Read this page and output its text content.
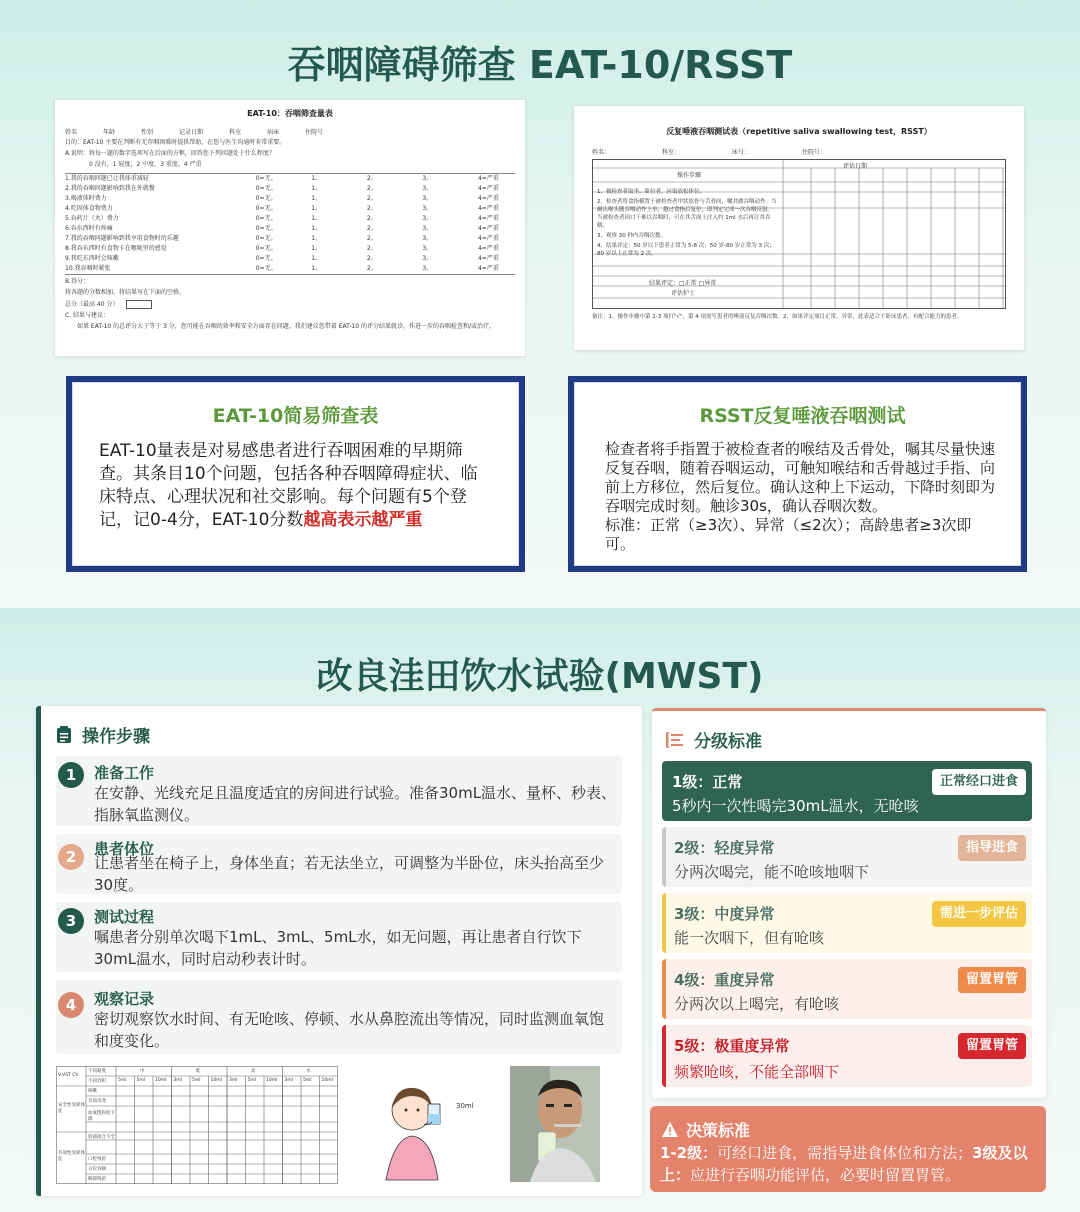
吞咽障碍筛查 EAT-10/RSST
EAT-10：吞咽筛查量表
姓名	年龄	性别	记录日期	科室	病床	住院号
目的：EAT-10 主要在判断有无存咽困难时提供帮助，在您与医生沟通时非常重要。
A.说明：将每一题的数字选项写在后面的方框，回答您下列问题处于什么程度？
0 没有，1 轻度，2 中度，3 重度，4 严重
1.我的吞咽问题已让我体重减轻	0=无。	1。	2。	3。	4=严重
2.我的吞咽问题影响到我在外就餐	0=无。	1。	2。	3。	4=严重
3.喝液体时费力	0=无。	1。	2。	3。	4=严重
4.吃固体食物费力	0=无。	1。	2。	3。	4=严重
5.吞药片（丸）费力	0=无。	1。	2。	3。	4=严重
6.吞东西时有疼痛	0=无。	1。	2。	3。	4=严重
7.我的吞咽问题影响到我享用食物时的乐趣	0=无。	1。	2。	3。	4=严重
8.我吞东西时有食物卡在喉咙里的感觉	0=无。	1。	2。	3。	4=严重
9.我吃东西时会咳嗽	0=无。	1。	2。	3。	4=严重
10.我吞咽时紧张	0=无。	1。	2。	3。	4=严重
B.得分：
将各题的分数相加，将结果写在下面的空格。
总分（最高 40 分）
C. 结果与建议：
如果 EAT-10 的总评分大于等于 3 分，您可能在吞咽的效率和安全方面存在问题。我们建议您带着 EAT-10 的评分结果就诊，作进一步的吞咽检查和/或治疗。
反复唾液吞咽测试表（repetitive saliva swallowing test，RSST）
姓名：	科室：	床号：	住院号：
评估日期
操作步骤
1、被检查者取坐、卧位者，应取放松体位。
2、检查者将食指横置于被检查者甲状软骨与舌骨间，嘱其做吞咽动作。当确认喉头随吞咽动作上举、越过食指后复位，即判定完成一次吞咽反射。当被检查者因口干难以吞咽时，可在其舌面上注入约 1ml 水后再让其吞咽。
3、观察 30 秒内吞咽次数。
4、结果评定：50 岁以下患者正常为 5-8 次；50 岁-80 岁正常为 3 次；80 岁以上正常为 2 次。
结果评定：□正常 □异常
评估护士
备注：1、操作步骤中第 1-3 项打"√"，第 4 项需写患者的唾液反复吞咽次数。2、如果评定项目正常，异常，此表适合于卧床患者，有配合能力的患者。
EAT-10简易筛查表
EAT-10量表是对易感患者进行吞咽困难的早期筛查。其条目10个问题，包括各种吞咽障碍症状、临床特点、心理状况和社交影响。每个问题有5个登记，记0-4分，EAT-10分数越高表示越严重
RSST反复唾液吞咽测试
检查者将手指置于被检查者的喉结及舌骨处，嘱其尽量快速反复吞咽，随着吞咽运动，可触知喉结和舌骨越过手指、向前上方移位，然后复位。确认这种上下运动，下降时刻即为吞咽完成时刻。触诊30s，确认吞咽次数。
标准：正常（≥3次）、异常（≤2次）；高龄患者≥3次即可。
改良洼田饮水试验(MWST)
操作步骤
1	准备工作
在安静、光线充足且温度适宜的房间进行试验。准备30mL温水、量杯、秒表、指脉氧监测仪。
2	患者体位
让患者坐在椅子上，身体坐直；若无法坐立，可调整为半卧位，床头抬高至少30度。
3	测试过程
嘱患者分别单次喝下1mL、3mL、5mL水，如无问题，再让患者自行饮下30mL温水，同时启动秒表计时。
4	观察记录
密切观察饮水时间、有无呛咳、停顿、水从鼻腔流出等情况，同时监测血氧饱和度变化。
V-VST CV
不同黏度
不同容积
中	低	高	水
5ml 5ml 10ml 3ml 5ml 10ml 3ml 5ml 10ml 3ml 5ml 10ml
安全性受损体征
有效性受损体征
咳嗽
音质改变
血氧饱和度下降
唇部闭合不全
口腔残留
分次吞咽
咽部残留
30ml
分级标准
1级：正常
5秒内一次性喝完30mL温水，无呛咳
正常经口进食
2级：轻度异常
分两次喝完，能不呛咳地咽下
指导进食
3级：中度异常
能一次咽下，但有呛咳
需进一步评估
4级：重度异常
分两次以上喝完，有呛咳
留置胃管
5级：极重度异常
频繁呛咳，不能全部咽下
留置胃管
决策标准
1-2级：可经口进食，需指导进食体位和方法；3级及以上：应进行吞咽功能评估，必要时留置胃管。
